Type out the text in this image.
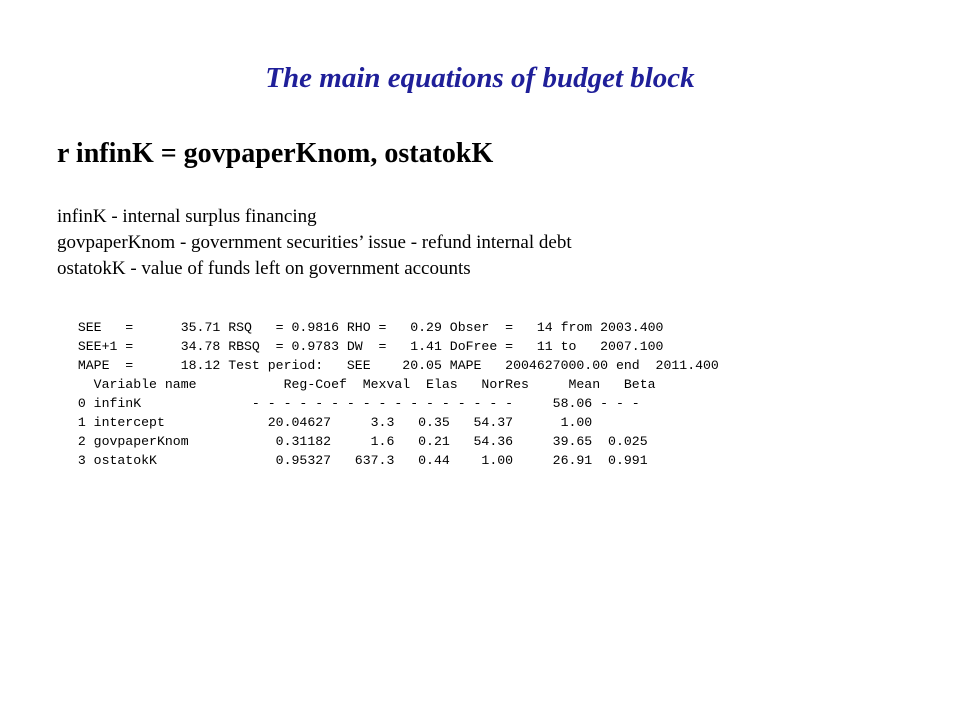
The main equations of budget block
r infinK = govpaperKnom, ostatokK
infinK - internal surplus financing
govpaperKnom - government securities’ issue - refund internal debt
ostatokK - value of funds left on government accounts
SEE   =      35.71 RSQ   = 0.9816 RHO =   0.29 Obser  =   14 from 2003.400
SEE+1 =      34.78 RBSQ  = 0.9783 DW  =   1.41 DoFree =   11 to   2007.100
MAPE  =      18.12 Test period:   SEE    20.05 MAPE   2004627000.00 end  2011.400
Variable name           Reg-Coef  Mexval  Elas   NorRes     Mean   Beta
0 infinK              - - - - - - - - - - - - - - - - -     58.06 - - -
1 intercept             20.04627     3.3   0.35   54.37      1.00
2 govpaperKnom           0.31182     1.6   0.21   54.36     39.65  0.025
3 ostatokK               0.95327   637.3   0.44    1.00     26.91  0.991
